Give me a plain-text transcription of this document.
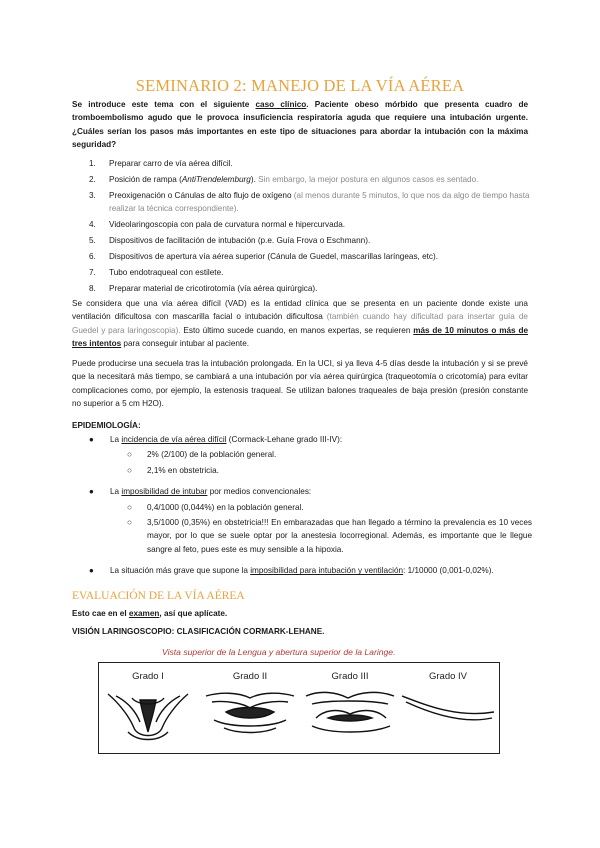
SEMINARIO 2: MANEJO DE LA VÍA AÉREA

Se introduce este tema con el siguiente caso clínico. Paciente obeso mórbido que presenta cuadro de tromboembolismo agudo que le provoca insuficiencia respiratoria aguda que requiere una intubación urgente. ¿Cuáles serían los pasos más importantes en este tipo de situaciones para abordar la intubación con la máxima seguridad?

1. Preparar carro de vía aérea difícil.
2. Posición de rampa (AntiTrendelemburg). Sin embargo, la mejor postura en algunos casos es sentado.
3. Preoxigenación o Cánulas de alto flujo de oxígeno (al menos durante 5 minutos, lo que nos da algo de tiempo hasta realizar la técnica correspondiente).
4. Videolaringoscopia con pala de curvatura normal e hipercurvada.
5. Dispositivos de facilitación de intubación (p.e. Guía Frova o Eschmann).
6. Dispositivos de apertura vía aérea superior (Cánula de Guedel, mascarillas laríngeas, etc).
7. Tubo endotraqueal con estilete.
8. Preparar material de cricotirotomía (vía aérea quirúrgica).

Se considera que una vía aérea difícil (VAD) es la entidad clínica que se presenta en un paciente donde existe una ventilación dificultosa con mascarilla facial o intubación dificultosa (también cuando hay dificultad para insertar guía de Guedel y para laringoscopia). Esto último sucede cuando, en manos expertas, se requieren más de 10 minutos o más de tres intentos para conseguir intubar al paciente.

Puede producirse una secuela tras la intubación prolongada. En la UCI, si ya lleva 4-5 días desde la intubación y si se prevé que la necesitará más tiempo, se cambiará a una intubación por vía aérea quirúrgica (traqueotomía o cricotomía) para evitar complicaciones como, por ejemplo, la estenosis traqueal. Se utilizan balones traqueales de baja presión (presión constante no superior a 5 cm H2O).

EPIDEMIOLOGÍA:
● La incidencia de vía aérea difícil (Cormack-Lehane grado III-IV):
○ 2% (2/100) de la población general.
○ 2,1% en obstetricia.
● La imposibilidad de intubar por medios convencionales:
○ 0,4/1000 (0,044%) en la población general.
○ 3,5/1000 (0,35%) en obstetricia!!! En embarazadas que han llegado a término la prevalencia es 10 veces mayor, por lo que se suele optar por la anestesia locorregional. Además, es importante que le llegue sangre al feto, pues este es muy sensible a la hipoxia.
● La situación más grave que supone la imposibilidad para intubación y ventilación: 1/10000 (0,001-0,02%).
EVALUACIÓN DE LA VÍA AÉREA
Esto cae en el examen, así que aplícate.
VISIÓN LARINGOSCOPIO: CLASIFICACIÓN CORMARK-LEHANE.
Vista superior de la Lengua y abertura superior de la Laringe.
Grado I	Grado II	Grado III	Grado IV
